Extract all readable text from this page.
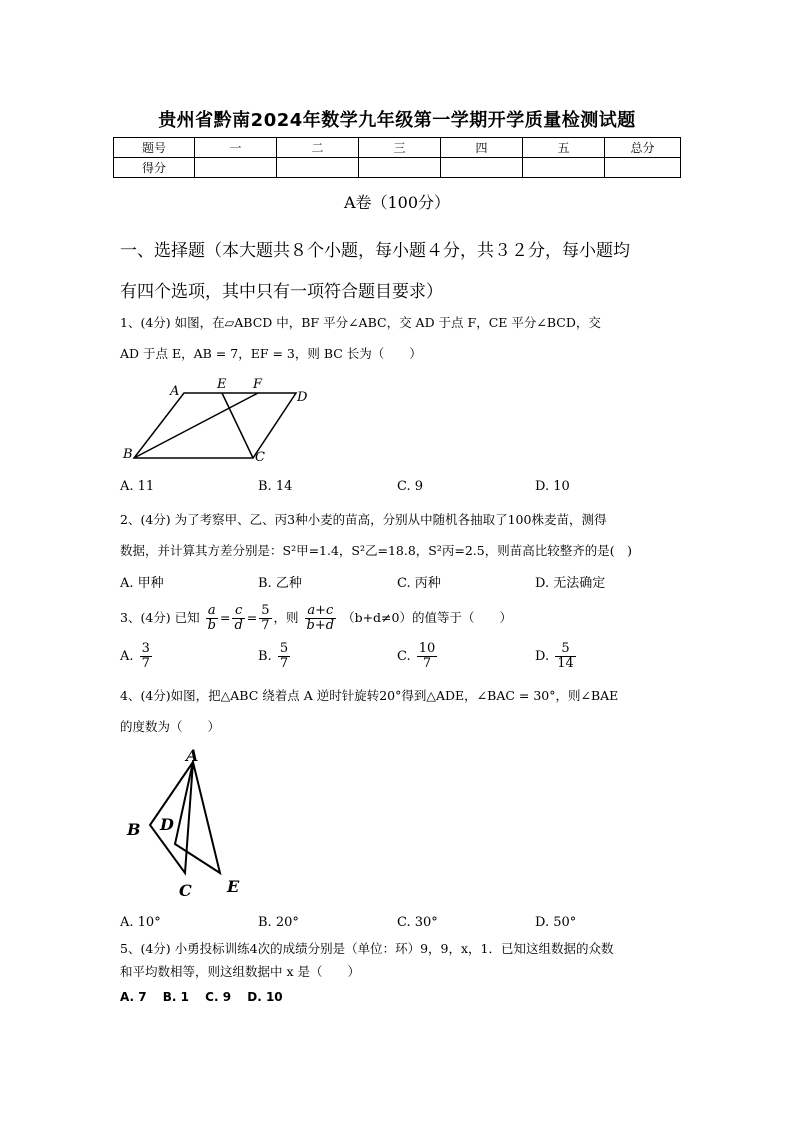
贵州省黔南2024年数学九年级第一学期开学质量检测试题
题号	一	二	三	四	五	总分
得分						
A卷（100分）
一、选择题（本大题共８个小题，每小题４分，共３２分，每小题均
有四个选项，其中只有一项符合题目要求）
1、(4分) 如图，在▱ABCD 中，BF 平分∠ABC，交 AD 于点 F，CE 平分∠BCD，交
AD 于点 E，AB = 7，EF = 3，则 BC 长为（　　）
A	E F
D
B	C
A. 11	B. 14	C. 9	D. 10
2、(4分) 为了考察甲、乙、丙3种小麦的苗高，分别从中随机各抽取了100株麦苗，测得
数据，并计算其方差分别是：S²甲=1.4，S²乙=18.8，S²丙=2.5，则苗高比较整齐的是(　)
A. 甲种	B. 乙种	C. 丙种	D. 无法确定
3、(4分) 已知 $\frac{a}{b} = \frac{c}{d} = \frac{5}{7}$ ，则 $\frac{a+c}{b+d} (b+d\ne 0)$的值等于（　　）
A. $\frac{3}{7}$	B. $\frac{5}{7}$	C. $\frac{10}{7}$	D. $\frac{5}{14}$
4、(4分)如图，把△ABC 绕着点 A 逆时针旋转20°得到△ADE，∠BAC = 30°，则∠BAE
的度数为（　　）
A
B D
C E
A. 10°	B. 20°	C. 30°	D. 50°
5、(4分) 小勇投标训练4次的成绩分别是（单位：环）9，9，x，1．已知这组数据的众数
和平均数相等，则这组数据中 x 是（　　）
A. 7　 B. 1　 C. 9　 D. 10
